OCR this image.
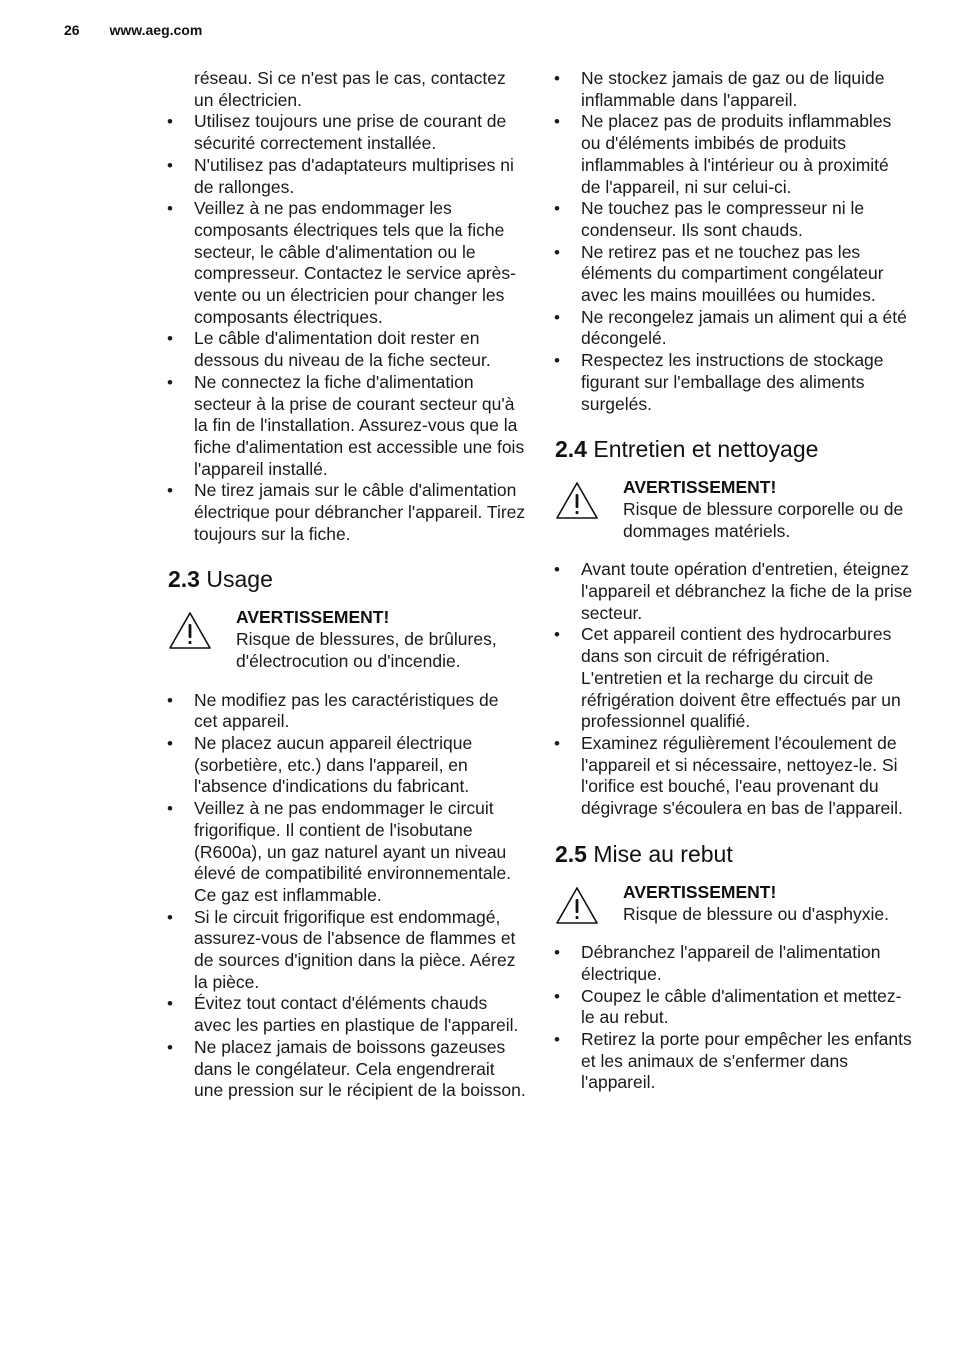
26 www.aeg.com
réseau. Si ce n'est pas le cas, contactez un électricien.
• Utilisez toujours une prise de courant de sécurité correctement installée.
• N'utilisez pas d'adaptateurs multiprises ni de rallonges.
• Veillez à ne pas endommager les composants électriques tels que la fiche secteur, le câble d'alimentation ou le compresseur. Contactez le service après-vente ou un électricien pour changer les composants électriques.
• Le câble d'alimentation doit rester en dessous du niveau de la fiche secteur.
• Ne connectez la fiche d'alimentation secteur à la prise de courant secteur qu'à la fin de l'installation. Assurez-vous que la fiche d'alimentation est accessible une fois l'appareil installé.
• Ne tirez jamais sur le câble d'alimentation électrique pour débrancher l'appareil. Tirez toujours sur la fiche.
2.3 Usage
AVERTISSEMENT!
Risque de blessures, de brûlures, d'électrocution ou d'incendie.
• Ne modifiez pas les caractéristiques de cet appareil.
• Ne placez aucun appareil électrique (sorbetière, etc.) dans l'appareil, en l'absence d'indications du fabricant.
• Veillez à ne pas endommager le circuit frigorifique. Il contient de l'isobutane (R600a), un gaz naturel ayant un niveau élevé de compatibilité environnementale. Ce gaz est inflammable.
• Si le circuit frigorifique est endommagé, assurez-vous de l'absence de flammes et de sources d'ignition dans la pièce. Aérez la pièce.
• Évitez tout contact d'éléments chauds avec les parties en plastique de l'appareil.
• Ne placez jamais de boissons gazeuses dans le congélateur. Cela engendrerait une pression sur le récipient de la boisson.
• Ne stockez jamais de gaz ou de liquide inflammable dans l'appareil.
• Ne placez pas de produits inflammables ou d'éléments imbibés de produits inflammables à l'intérieur ou à proximité de l'appareil, ni sur celui-ci.
• Ne touchez pas le compresseur ni le condenseur. Ils sont chauds.
• Ne retirez pas et ne touchez pas les éléments du compartiment congélateur avec les mains mouillées ou humides.
• Ne recongelez jamais un aliment qui a été décongelé.
• Respectez les instructions de stockage figurant sur l'emballage des aliments surgelés.
2.4 Entretien et nettoyage
AVERTISSEMENT!
Risque de blessure corporelle ou de dommages matériels.
• Avant toute opération d'entretien, éteignez l'appareil et débranchez la fiche de la prise secteur.
• Cet appareil contient des hydrocarbures dans son circuit de réfrigération. L'entretien et la recharge du circuit de réfrigération doivent être effectués par un professionnel qualifié.
• Examinez régulièrement l'écoulement de l'appareil et si nécessaire, nettoyez-le. Si l'orifice est bouché, l'eau provenant du dégivrage s'écoulera en bas de l'appareil.
2.5 Mise au rebut
AVERTISSEMENT!
Risque de blessure ou d'asphyxie.
• Débranchez l'appareil de l'alimentation électrique.
• Coupez le câble d'alimentation et mettez-le au rebut.
• Retirez la porte pour empêcher les enfants et les animaux de s'enfermer dans l'appareil.
